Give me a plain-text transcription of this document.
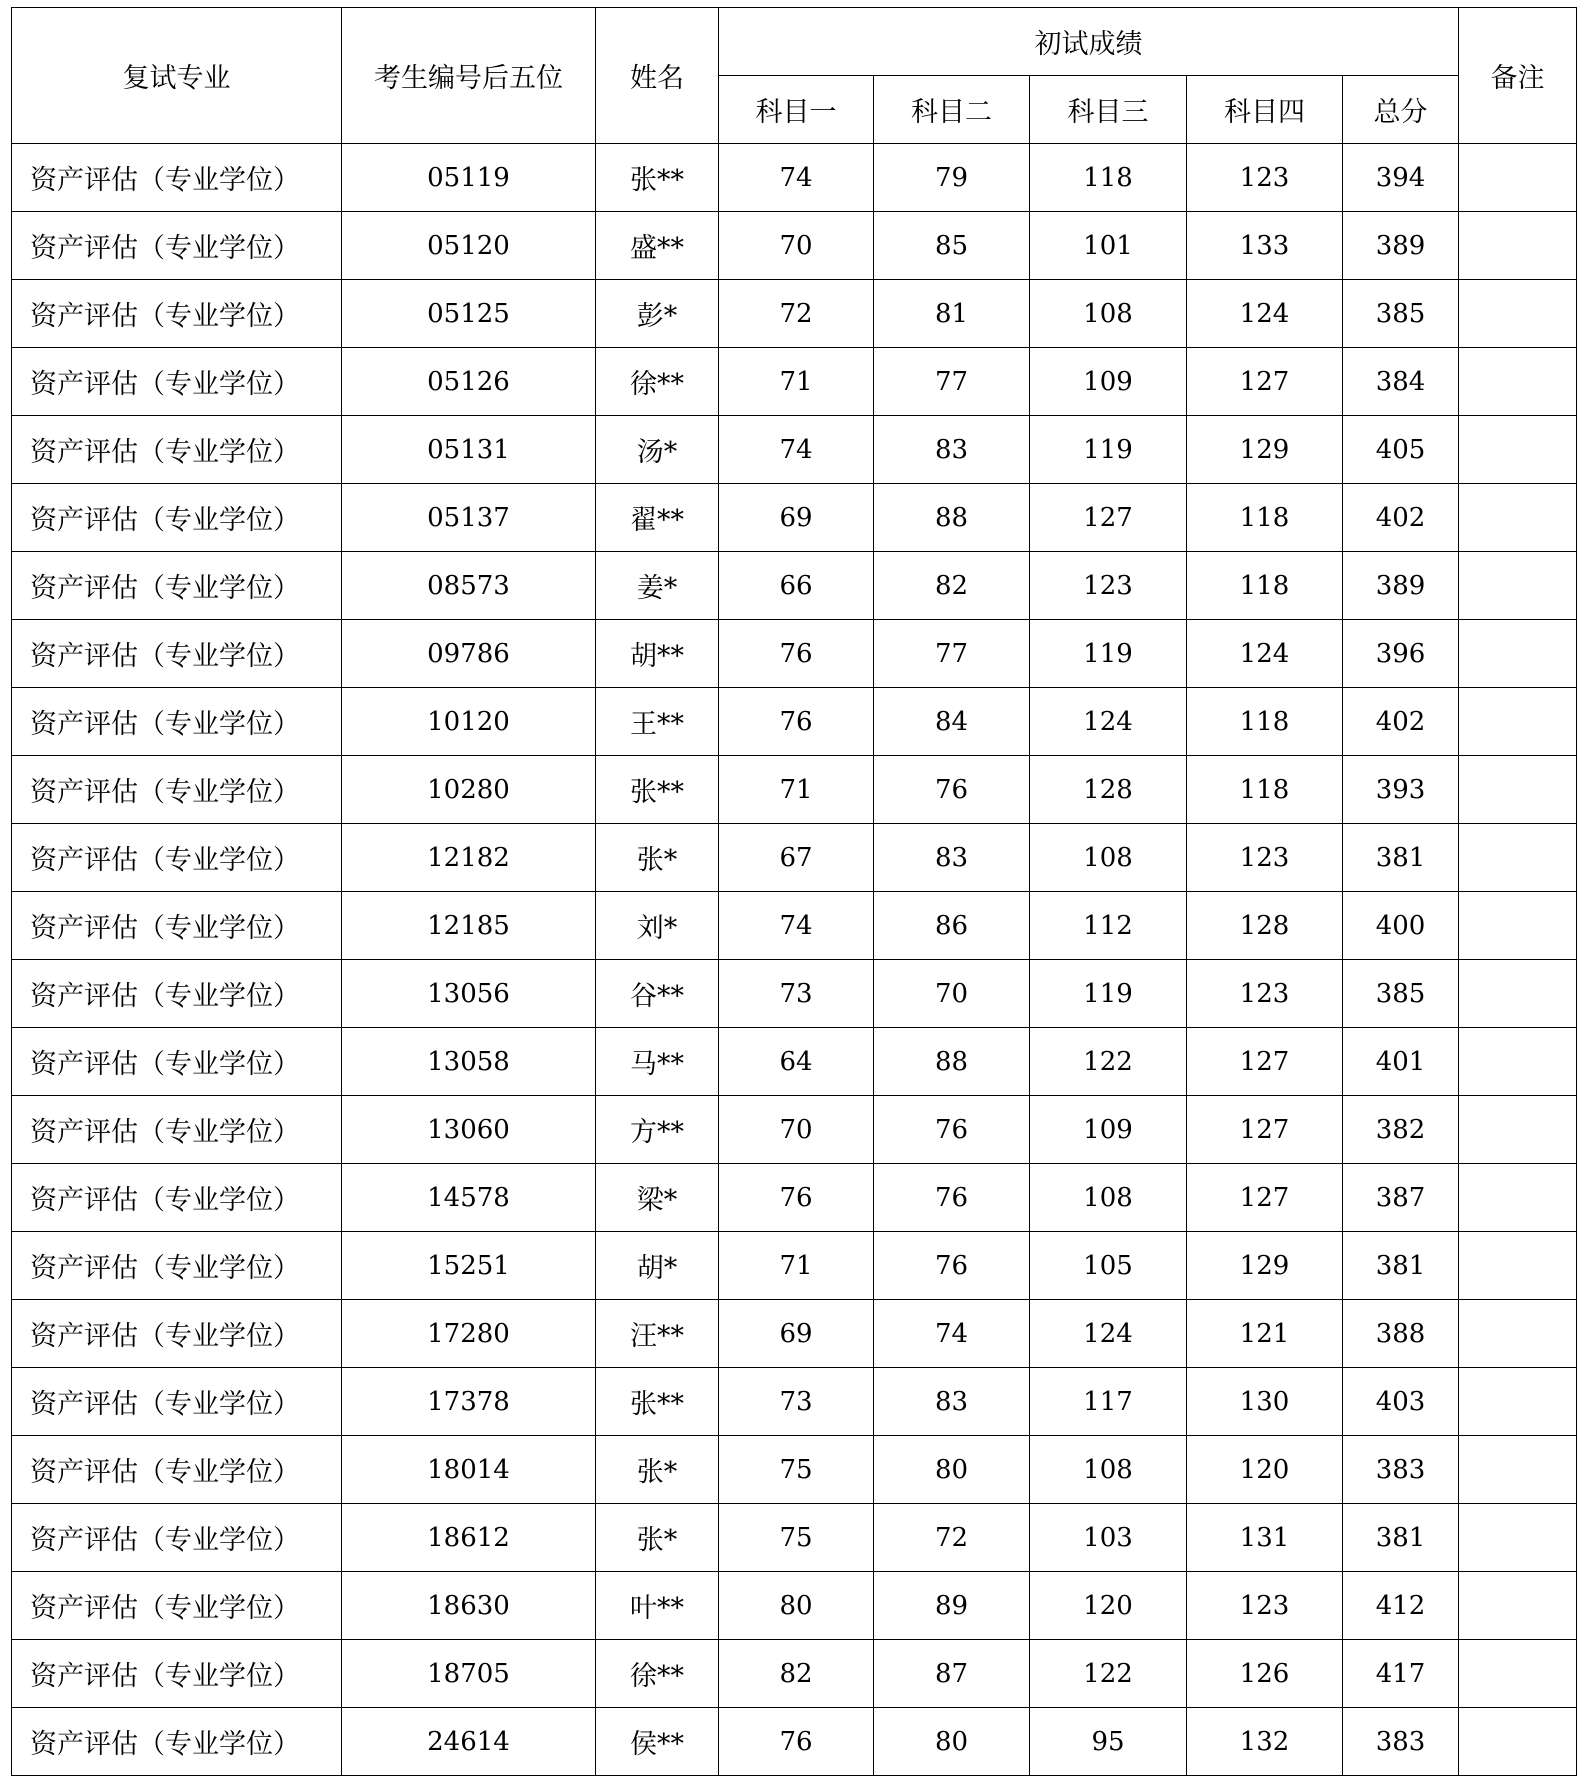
复试专业	考生编号后五位	姓名	初试成绩					备注
			科目一	科目二	科目三	科目四	总分	
资产评估（专业学位）	05119	张**	74	79	118	123	394	
资产评估（专业学位）	05120	盛**	70	85	101	133	389	
资产评估（专业学位）	05125	彭*	72	81	108	124	385	
资产评估（专业学位）	05126	徐**	71	77	109	127	384	
资产评估（专业学位）	05131	汤*	74	83	119	129	405	
资产评估（专业学位）	05137	翟**	69	88	127	118	402	
资产评估（专业学位）	08573	姜*	66	82	123	118	389	
资产评估（专业学位）	09786	胡**	76	77	119	124	396	
资产评估（专业学位）	10120	王**	76	84	124	118	402	
资产评估（专业学位）	10280	张**	71	76	128	118	393	
资产评估（专业学位）	12182	张*	67	83	108	123	381	
资产评估（专业学位）	12185	刘*	74	86	112	128	400	
资产评估（专业学位）	13056	谷**	73	70	119	123	385	
资产评估（专业学位）	13058	马**	64	88	122	127	401	
资产评估（专业学位）	13060	方**	70	76	109	127	382	
资产评估（专业学位）	14578	梁*	76	76	108	127	387	
资产评估（专业学位）	15251	胡*	71	76	105	129	381	
资产评估（专业学位）	17280	汪**	69	74	124	121	388	
资产评估（专业学位）	17378	张**	73	83	117	130	403	
资产评估（专业学位）	18014	张*	75	80	108	120	383	
资产评估（专业学位）	18612	张*	75	72	103	131	381	
资产评估（专业学位）	18630	叶**	80	89	120	123	412	
资产评估（专业学位）	18705	徐**	82	87	122	126	417	
资产评估（专业学位）	24614	侯**	76	80	95	132	383	
